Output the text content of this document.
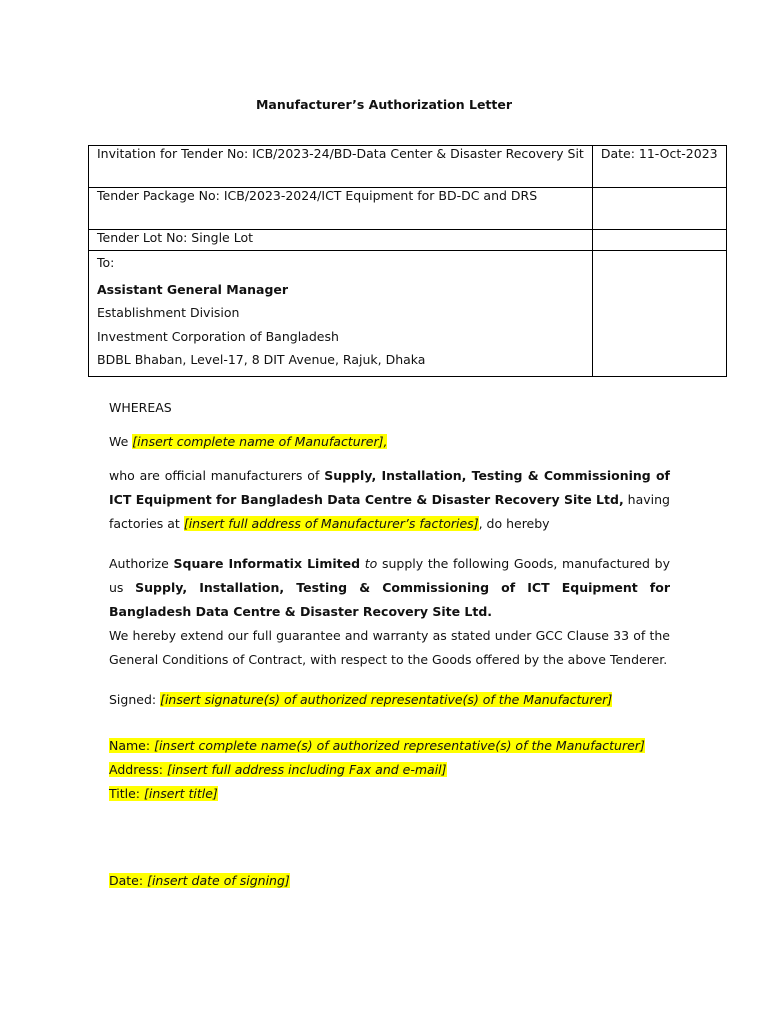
Manufacturer’s Authorization Letter
Invitation for Tender No: ICB/2023-24/BD-Data Center & Disaster Recovery Sit	Date: 11-Oct-2023
Tender Package No: ICB/2023-2024/ICT Equipment for BD-DC and DRS	
Tender Lot No: Single Lot	

To:
Assistant General Manager
Establishment Division
Investment Corporation of Bangladesh
BDBL Bhaban, Level-17, 8 DIT Avenue, Rajuk, Dhaka	

WHEREAS

We [insert complete name of Manufacturer],

who are official manufacturers of Supply, Installation, Testing & Commissioning of ICT Equipment for Bangladesh Data Centre & Disaster Recovery Site Ltd, having factories at [insert full address of Manufacturer’s factories], do hereby

Authorize Square Informatix Limited to supply the following Goods, manufactured by us Supply, Installation, Testing & Commissioning of ICT Equipment for Bangladesh Data Centre & Disaster Recovery Site Ltd.

We hereby extend our full guarantee and warranty as stated under GCC Clause 33 of the General Conditions of Contract, with respect to the Goods offered by the above Tenderer.

Signed: [insert signature(s) of authorized representative(s) of the Manufacturer]

Name: [insert complete name(s) of authorized representative(s) of the Manufacturer]

Address: [insert full address including Fax and e-mail]

Title: [insert title]

Date: [insert date of signing]
